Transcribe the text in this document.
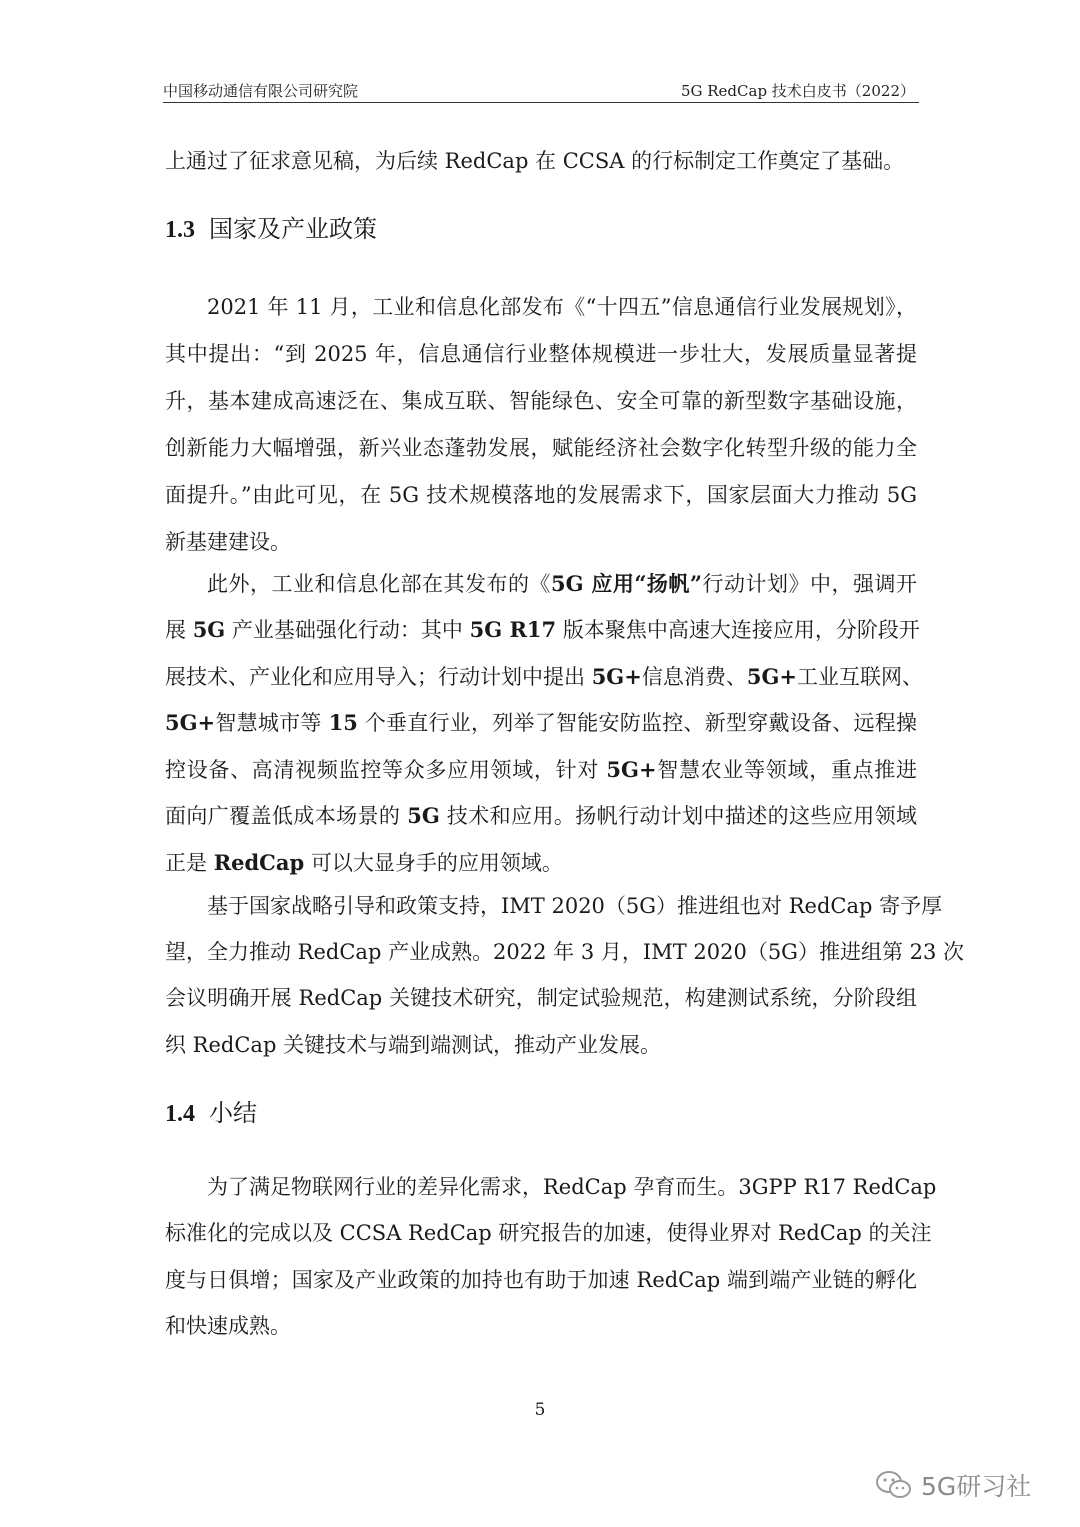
中国移动通信有限公司研究院	5G RedCap 技术白皮书（2022）
上通过了征求意见稿，为后续 RedCap 在 CCSA 的行标制定工作奠定了基础。
1.3 国家及产业政策
2021 年 11 月，工业和信息化部发布《“十四五”信息通信行业发展规划》，
其中提出：“到 2025 年，信息通信行业整体规模进一步壮大，发展质量显著提
升，基本建成高速泛在、集成互联、智能绿色、安全可靠的新型数字基础设施，
创新能力大幅增强，新兴业态蓬勃发展，赋能经济社会数字化转型升级的能力全
面提升。”由此可见，在 5G 技术规模落地的发展需求下，国家层面大力推动 5G
新基建建设。
此外，工业和信息化部在其发布的《5G 应用“扬帆”行动计划》中，强调开
展 5G 产业基础强化行动：其中 5G R17 版本聚焦中高速大连接应用，分阶段开
展技术、产业化和应用导入；行动计划中提出 5G+信息消费、5G+工业互联网、
5G+智慧城市等 15 个垂直行业，列举了智能安防监控、新型穿戴设备、远程操
控设备、高清视频监控等众多应用领域，针对 5G+智慧农业等领域，重点推进
面向广覆盖低成本场景的 5G 技术和应用。扬帆行动计划中描述的这些应用领域
正是 RedCap 可以大显身手的应用领域。
基于国家战略引导和政策支持，IMT 2020（5G）推进组也对 RedCap 寄予厚
望，全力推动 RedCap 产业成熟。2022 年 3 月，IMT 2020（5G）推进组第 23 次
会议明确开展 RedCap 关键技术研究，制定试验规范，构建测试系统，分阶段组
织 RedCap 关键技术与端到端测试，推动产业发展。
1.4 小结
为了满足物联网行业的差异化需求，RedCap 孕育而生。3GPP R17 RedCap
标准化的完成以及 CCSA RedCap 研究报告的加速，使得业界对 RedCap 的关注
度与日俱增；国家及产业政策的加持也有助于加速 RedCap 端到端产业链的孵化
和快速成熟。
5
5G研习社
